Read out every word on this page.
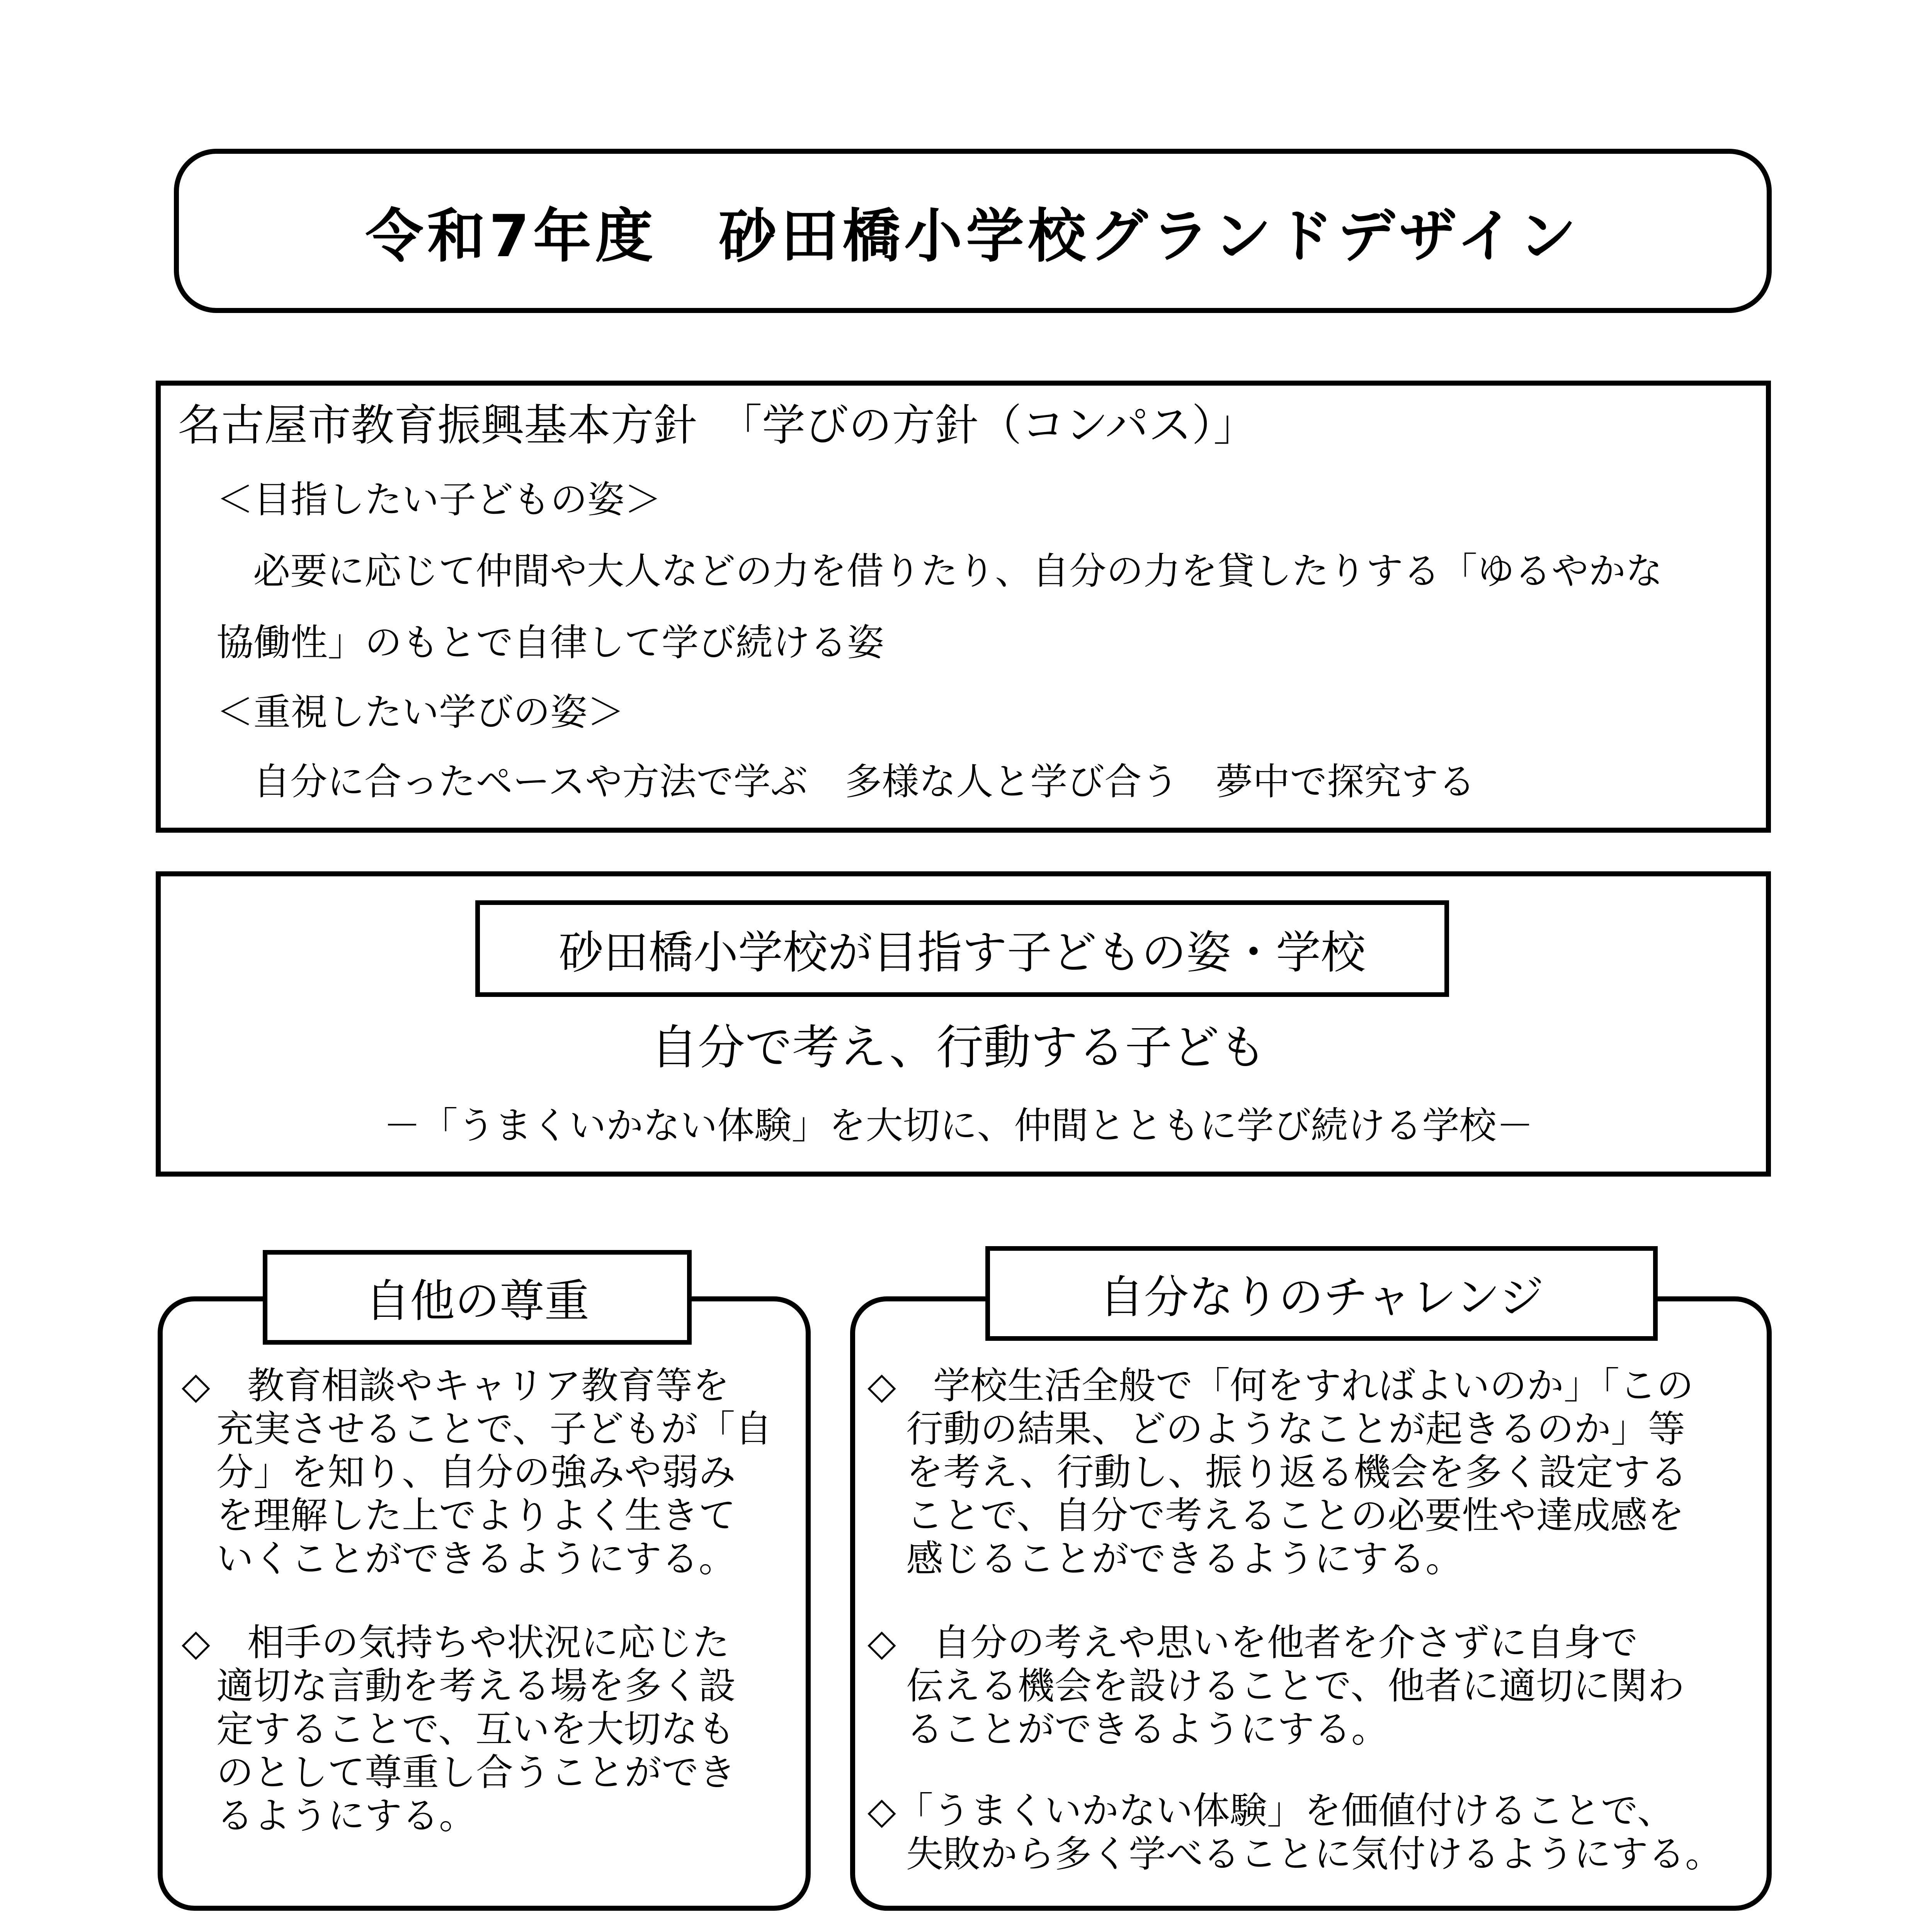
令和7年度　砂田橋小学校グランドデザイン
名古屋市教育振興基本方針　「学びの方針（コンパス）」
＜目指したい子どもの姿＞
必要に応じて仲間や大人などの力を借りたり、自分の力を貸したりする「ゆるやかな
協働性」のもとで自律して学び続ける姿
＜重視したい学びの姿＞
自分に合ったペースや方法で学ぶ　多様な人と学び合う　夢中で探究する
砂田橋小学校が目指す子どもの姿・学校
自分で考え、行動する子ども
－「うまくいかない体験」を大切に、仲間とともに学び続ける学校－
自他の尊重
◇　教育相談やキャリア教育等を
充実させることで、子どもが「自
分」を知り、自分の強みや弱み
を理解した上でよりよく生きて
いくことができるようにする。
◇　相手の気持ちや状況に応じた
適切な言動を考える場を多く設
定することで、互いを大切なも
のとして尊重し合うことができ
るようにする。
自分なりのチャレンジ
◇　学校生活全般で「何をすればよいのか」「この
行動の結果、どのようなことが起きるのか」等
を考え、行動し、振り返る機会を多く設定する
ことで、自分で考えることの必要性や達成感を
感じることができるようにする。
◇　自分の考えや思いを他者を介さずに自身で
伝える機会を設けることで、他者に適切に関わ
ることができるようにする。
◇「うまくいかない体験」を価値付けることで、
失敗から多く学べることに気付けるようにする。
